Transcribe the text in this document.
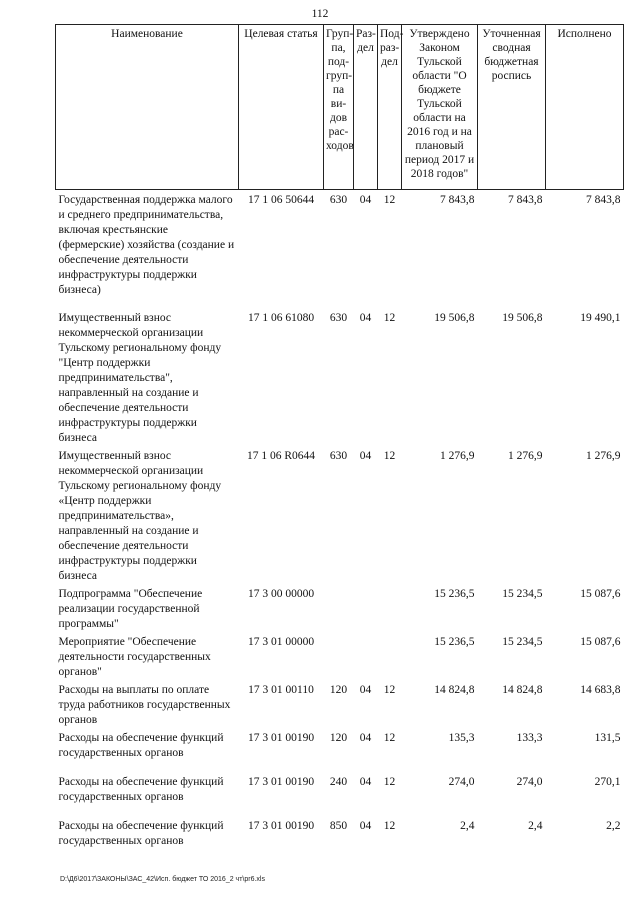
112
Наименование	Целевая статья	Груп-па, под-груп-па ви-дов рас-ходов	Раз-дел	Под-раз-дел	Утверждено Законом Тульской области "О бюджете Тульской области на 2016 год и на плановый период 2017 и 2018 годов"	Уточненная сводная бюджетная роспись	Исполнено
Государственная поддержка малого и среднего предпринимательства, включая крестьянские (фермерские) хозяйства (создание и обеспечение деятельности инфраструктуры поддержки бизнеса)	17 1 06 50644	630	04	12	7 843,8	7 843,8	7 843,8
Имущественный взнос некоммерческой организации Тульскому региональному фонду "Центр поддержки предпринимательства", направленный на создание и обеспечение деятельности инфраструктуры поддержки бизнеса	17 1 06 61080	630	04	12	19 506,8	19 506,8	19 490,1
Имущественный взнос некоммерческой организации Тульскому региональному фонду «Центр поддержки предпринимательства», направленный на создание и обеспечение деятельности инфраструктуры поддержки бизнеса	17 1 06 R0644	630	04	12	1 276,9	1 276,9	1 276,9
Подпрограмма "Обеспечение реализации государственной программы"	17 3 00 00000				15 236,5	15 234,5	15 087,6
Мероприятие "Обеспечение деятельности государственных органов"	17 3 01 00000				15 236,5	15 234,5	15 087,6
Расходы на выплаты по оплате труда работников государственных органов	17 3 01 00110	120	04	12	14 824,8	14 824,8	14 683,8
Расходы на обеспечение функций государственных органов	17 3 01 00190	120	04	12	135,3	133,3	131,5
Расходы на обеспечение функций государственных органов	17 3 01 00190	240	04	12	274,0	274,0	270,1
Расходы на обеспечение функций государственных органов	17 3 01 00190	850	04	12	2,4	2,4	2,2
D:\Д6\2017\ЗАКОНЫ\ЗАС_42\Исп. бюджет ТО 2016_2 чт\pr6.xls
